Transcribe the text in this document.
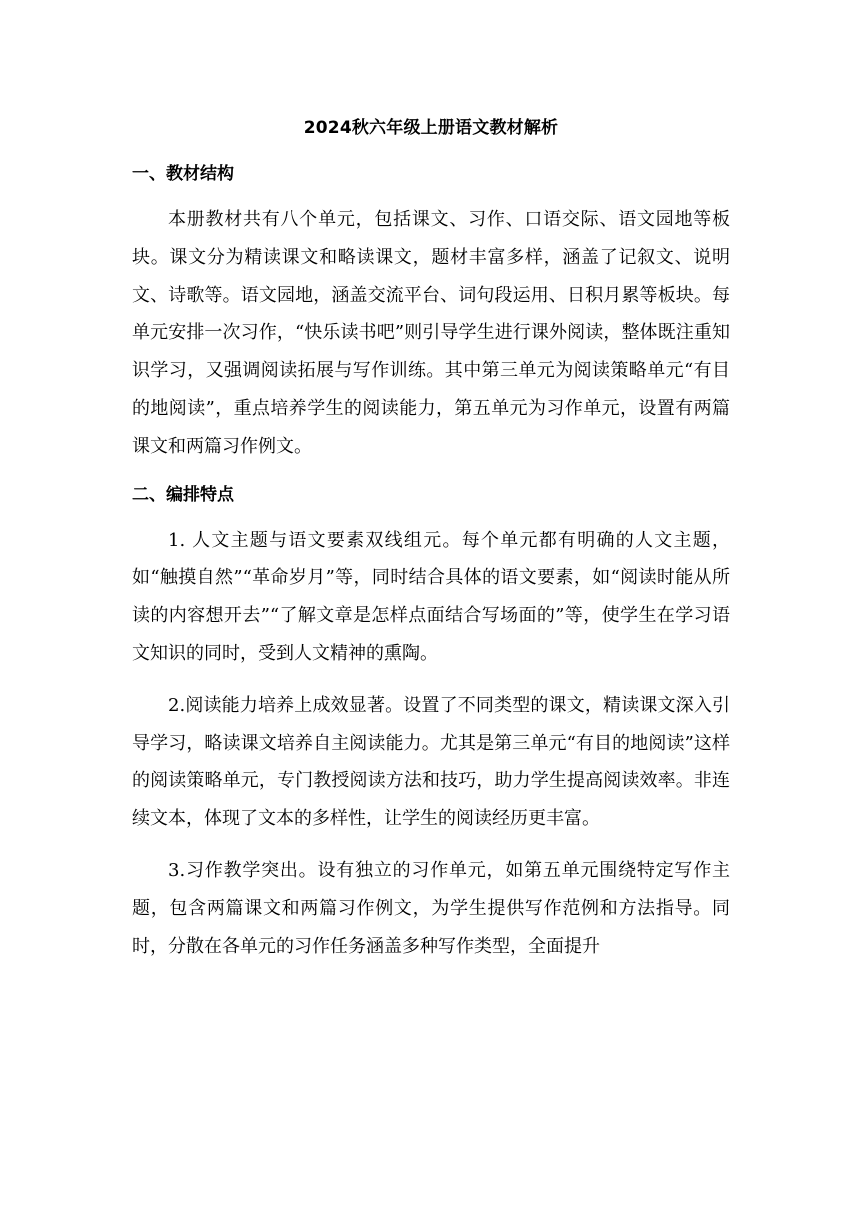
2024秋六年级上册语文教材解析
一、教材结构

本册教材共有八个单元，包括课文、习作、口语交际、语文园地等板块。课文分为精读课文和略读课文，题材丰富多样，涵盖了记叙文、说明文、诗歌等。语文园地，涵盖交流平台、词句段运用、日积月累等板块。每单元安排一次习作，“快乐读书吧”则引导学生进行课外阅读，整体既注重知识学习，又强调阅读拓展与写作训练。其中第三单元为阅读策略单元“有目的地阅读”，重点培养学生的阅读能力，第五单元为习作单元，设置有两篇课文和两篇习作例文。

二、编排特点

1. 人文主题与语文要素双线组元。每个单元都有明确的人文主题，如“触摸自然”“革命岁月”等，同时结合具体的语文要素，如“阅读时能从所读的内容想开去”“了解文章是怎样点面结合写场面的”等，使学生在学习语文知识的同时，受到人文精神的熏陶。

2.阅读能力培养上成效显著。设置了不同类型的课文，精读课文深入引导学习，略读课文培养自主阅读能力。尤其是第三单元“有目的地阅读”这样的阅读策略单元，专门教授阅读方法和技巧，助力学生提高阅读效率。非连续文本，体现了文本的多样性，让学生的阅读经历更丰富。

3.习作教学突出。设有独立的习作单元，如第五单元围绕特定写作主题，包含两篇课文和两篇习作例文，为学生提供写作范例和方法指导。同时，分散在各单元的习作任务涵盖多种写作类型，全面提升
